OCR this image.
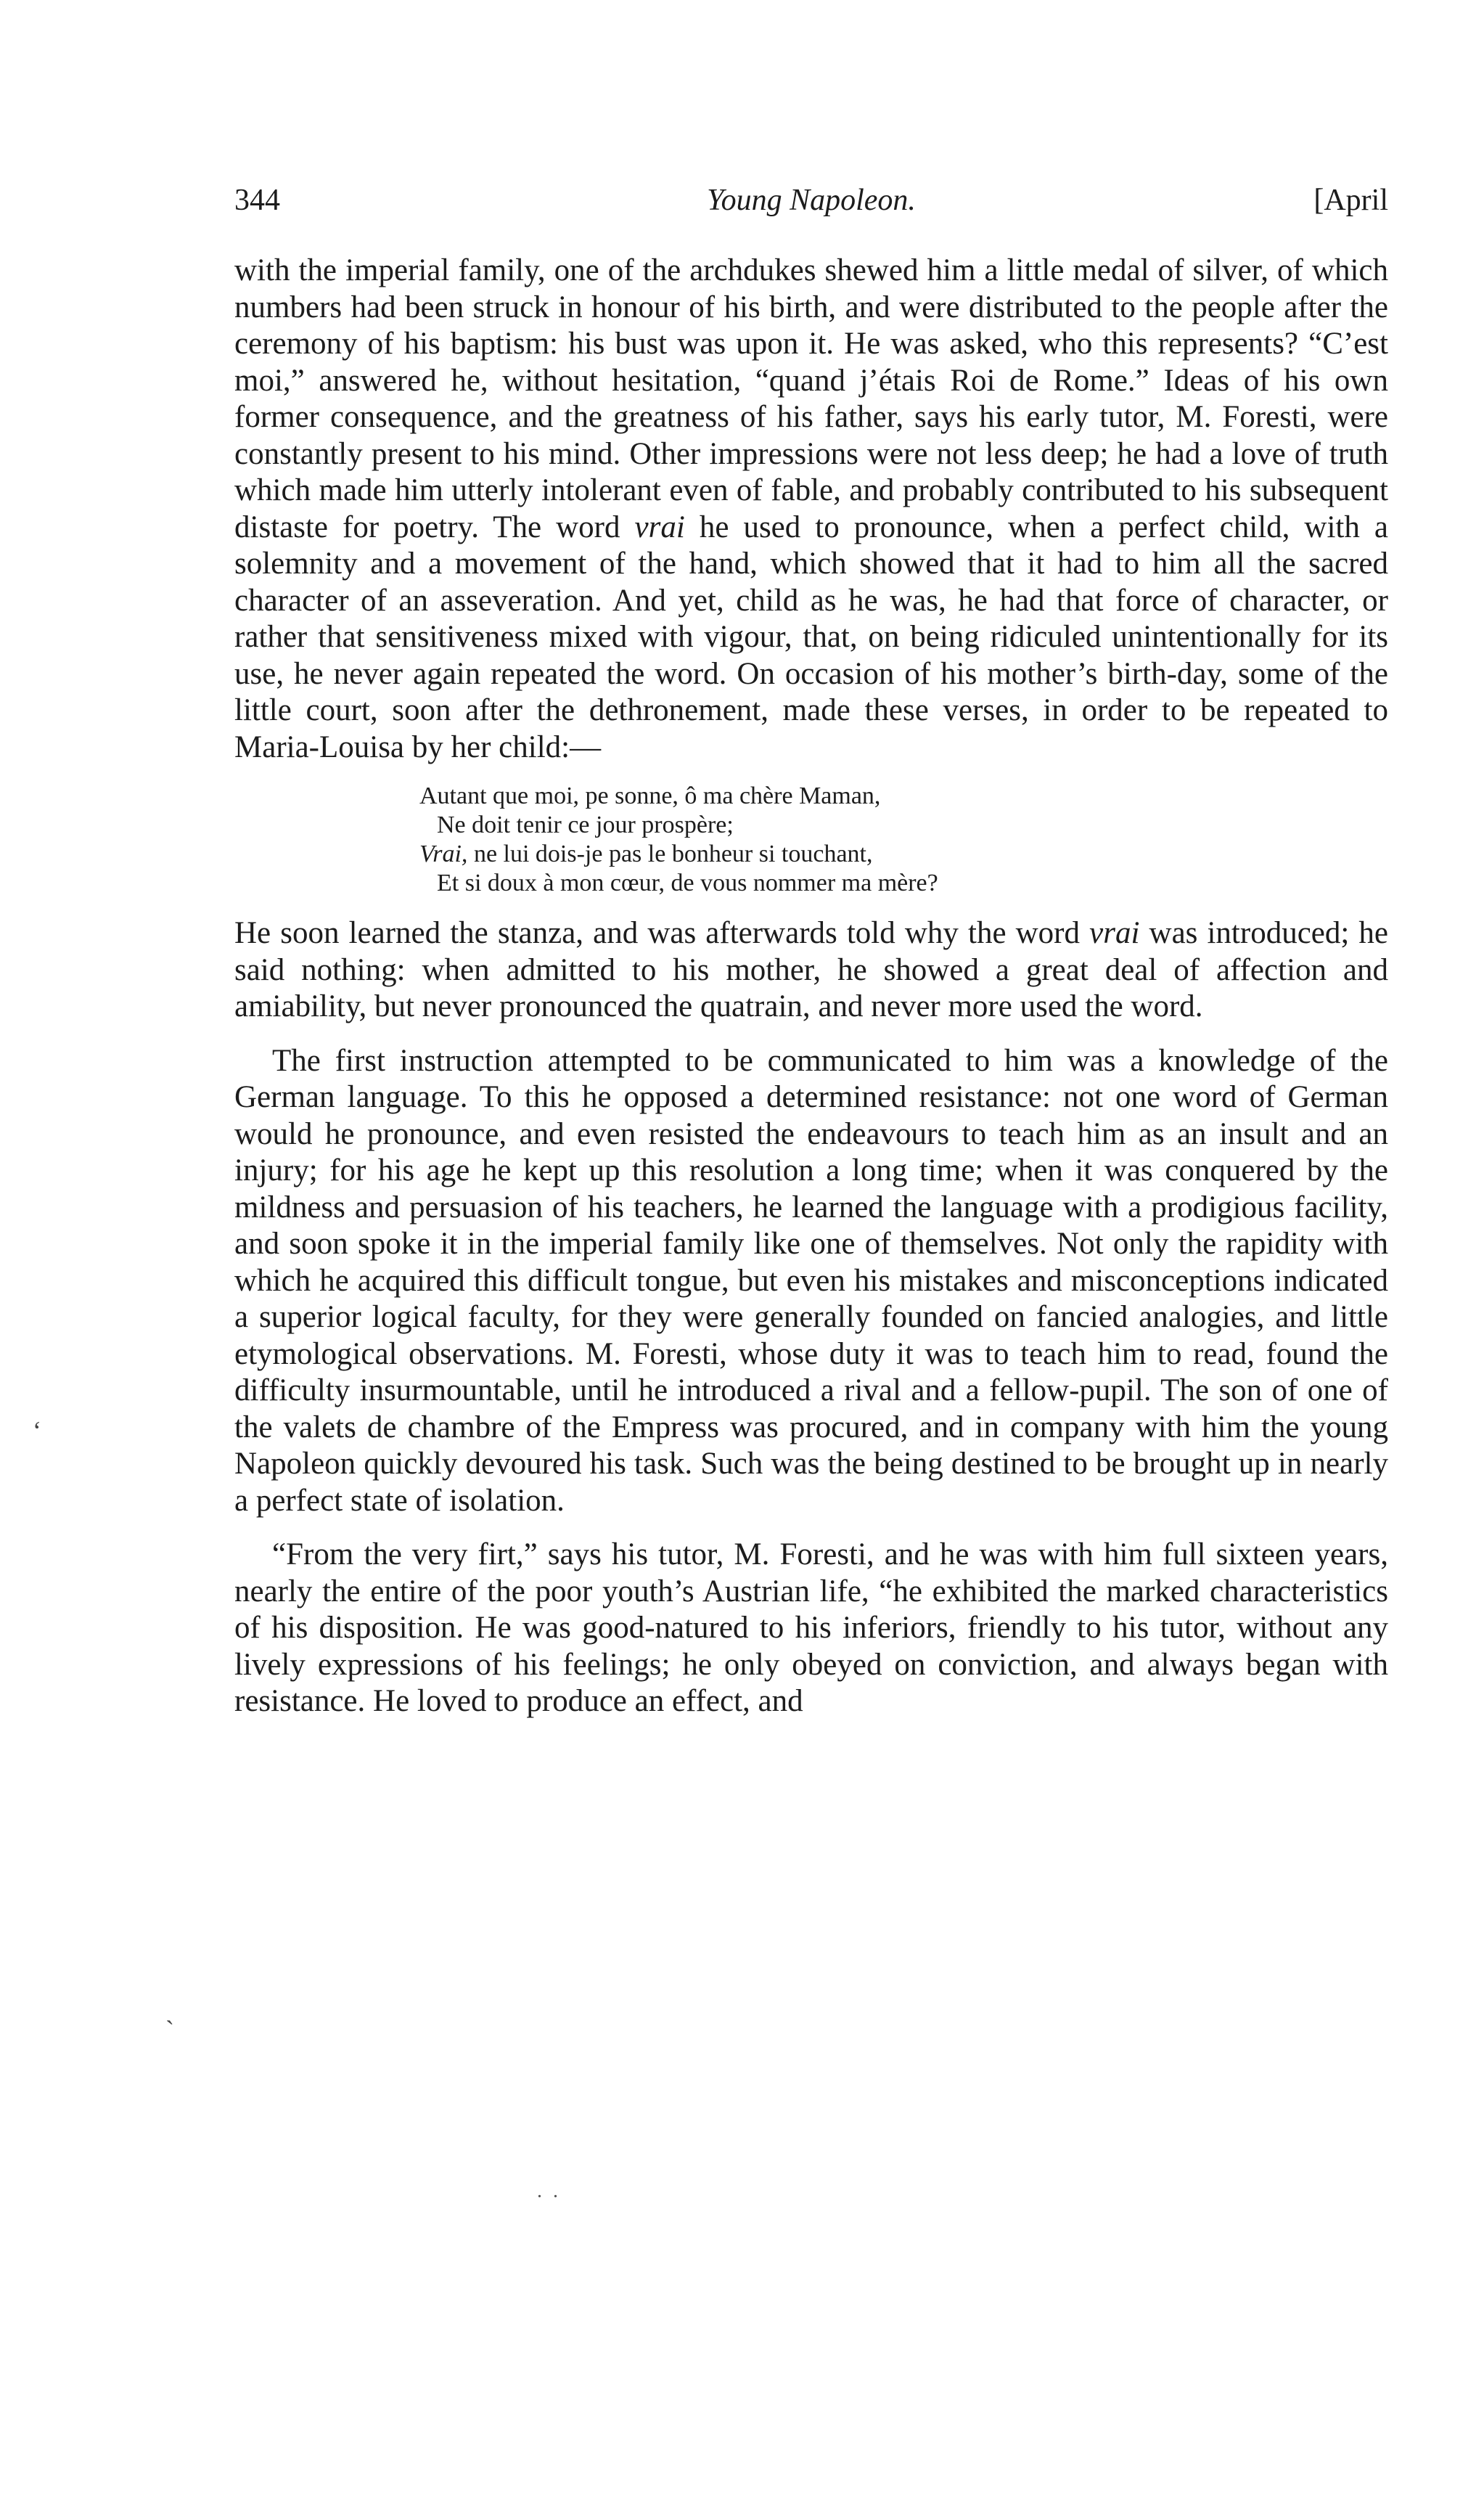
344	Young Napoleon.	[April

with the imperial family, one of the archdukes shewed him a little medal of silver, of which numbers had been struck in honour of his birth, and were distributed to the people after the ceremony of his baptism: his bust was upon it. He was asked, who this represents? “C’est moi,” answered he, without hesitation, “quand j’étais Roi de Rome.” Ideas of his own former consequence, and the greatness of his father, says his early tutor, M. Foresti, were constantly present to his mind. Other impressions were not less deep; he had a love of truth which made him utterly intolerant even of fable, and probably contributed to his subsequent distaste for poetry. The word vrai he used to pronounce, when a perfect child, with a solemnity and a movement of the hand, which showed that it had to him all the sacred character of an asseveration. And yet, child as he was, he had that force of character, or rather that sensitiveness mixed with vigour, that, on being ridiculed unintentionally for its use, he never again repeated the word. On occasion of his mother’s birth-day, some of the little court, soon after the dethronement, made these verses, in order to be repeated to Maria-Louisa by her child:—

Autant que moi, pe sonne, ô ma chère Maman,
Ne doit tenir ce jour prospère;
Vrai, ne lui dois-je pas le bonheur si touchant,
Et si doux à mon cœur, de vous nommer ma mère?

He soon learned the stanza, and was afterwards told why the word vrai was introduced; he said nothing: when admitted to his mother, he showed a great deal of affection and amiability, but never pronounced the quatrain, and never more used the word.

The first instruction attempted to be communicated to him was a knowledge of the German language. To this he opposed a determined resistance: not one word of German would he pronounce, and even resisted the endeavours to teach him as an insult and an injury; for his age he kept up this resolution a long time; when it was conquered by the mildness and persuasion of his teachers, he learned the language with a prodigious facility, and soon spoke it in the imperial family like one of themselves. Not only the rapidity with which he acquired this difficult tongue, but even his mistakes and misconceptions indicated a superior logical faculty, for they were generally founded on fancied analogies, and little etymological observations. M. Foresti, whose duty it was to teach him to read, found the difficulty insurmountable, until he introduced a rival and a fellow-pupil. The son of one of the valets de chambre of the Empress was procured, and in company with him the young Napoleon quickly devoured his task. Such was the being destined to be brought up in nearly a perfect state of isolation.

“From the very firt,” says his tutor, M. Foresti, and he was with him full sixteen years, nearly the entire of the poor youth’s Austrian life, “he exhibited the marked characteristics of his disposition. He was good-natured to his inferiors, friendly to his tutor, without any lively expressions of his feelings; he only obeyed on conviction, and always began with resistance. He loved to produce an effect, and

ʻ
ˏ
. .
